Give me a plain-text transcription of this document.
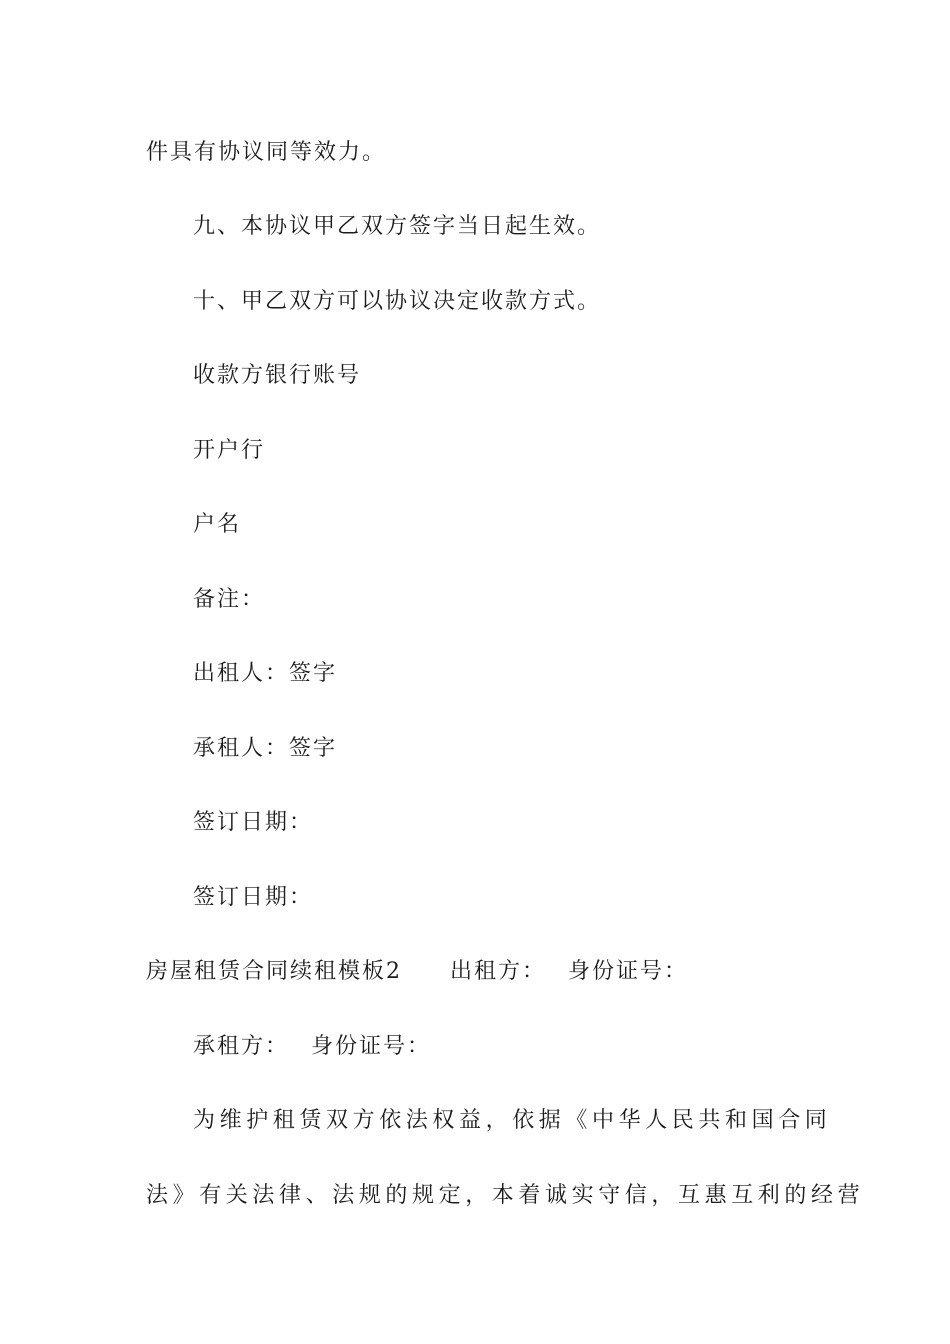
件具有协议同等效力。
九、本协议甲乙双方签字当日起生效。
十、甲乙双方可以协议决定收款方式。
收款方银行账号
开户行
户名
备注：
出租人：签字
承租人：签字
签订日期：
签订日期：
房屋租赁合同续租模板2 出租方： 身份证号：
承租方： 身份证号：
为维护租赁双方依法权益，依据《中华人民共和国合同
法》有关法律、法规的规定，本着诚实守信，互惠互利的经营
